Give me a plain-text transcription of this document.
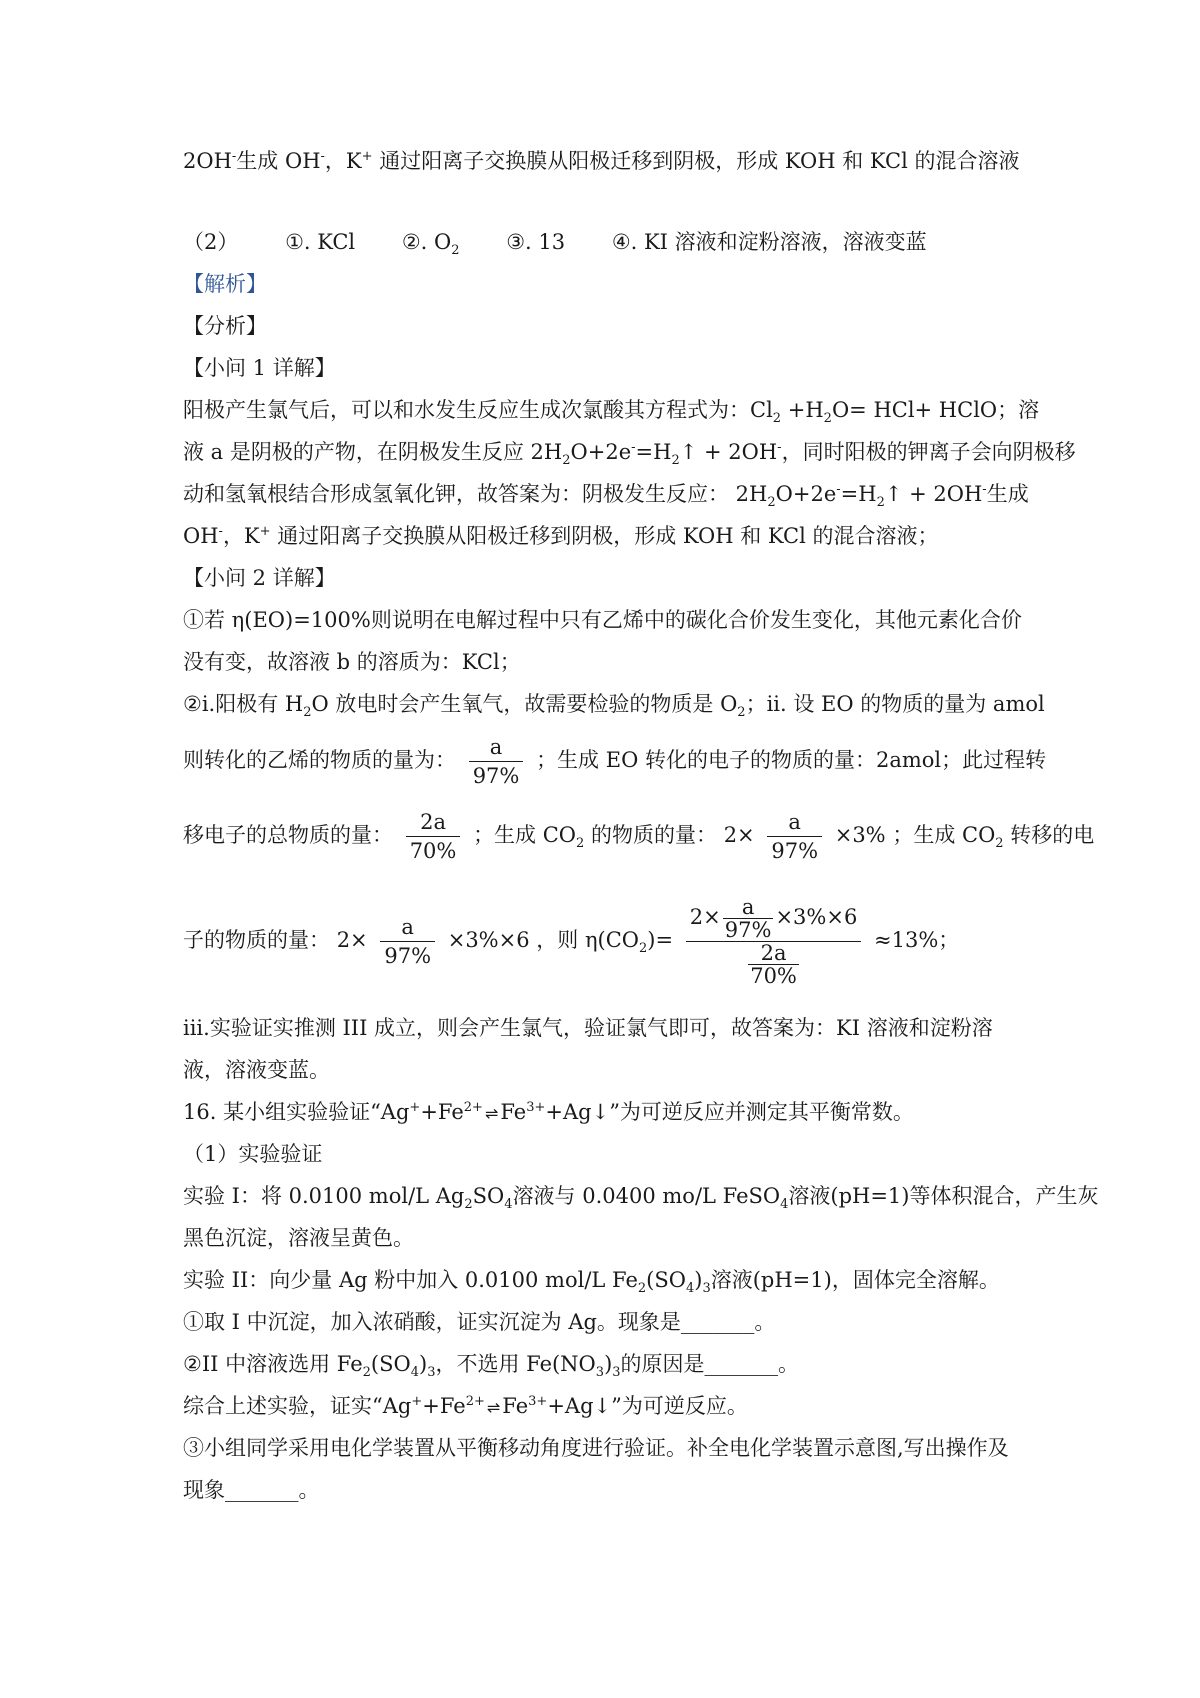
2OH-生成 OH-，K+ 通过阳离子交换膜从阳极迁移到阴极，形成 KOH 和 KCl 的混合溶液
（2） ①. KCl ②. $O_2$ ③. 13 ④. KI 溶液和淀粉溶液，溶液变蓝
【解析】
【分析】
【小问 1 详解】
阳极产生氯气后，可以和水发生反应生成次氯酸其方程式为：$Cl_2 +H_2O= HCl+$ HClO；溶
液 a 是阴极的产物，在阴极发生反应 $2H_2O+2e^-=H_2↑ + 2OH^-$，同时阳极的钾离子会向阴极移
动和氢氧根结合形成氢氧化钾，故答案为：阴极发生反应： $2H_2O+2e^-=H_2↑ + 2OH^-$生成
OH-，K+ 通过阳离子交换膜从阳极迁移到阴极，形成 KOH 和 KCl 的混合溶液；
【小问 2 详解】
①若 η(EO)=100%则说明在电解过程中只有乙烯中的碳化合价发生变化，其他元素化合价
没有变，故溶液 b 的溶质为：KCl；
②i.阳极有 $H_2O$ 放电时会产生氧气，故需要检验的物质是 $O_2$；ii. 设 EO 的物质的量为 amol
则转化的乙烯的物质的量为： $\frac{a}{97\%}$ ；生成 EO 转化的电子的物质的量：2amol；此过程转
移电子的总物质的量： $\frac{2a}{70\%}$ ；生成 $CO_2$ 的物质的量： $2\times \frac{a}{97\%} \times 3\%$ ；生成 $CO_2$ 转移的电
子的物质的量： $2\times \frac{a}{97\%} \times 3\%\times 6$ ，则 $\eta(CO_2)= \frac{2\times \frac{a}{97\%} \times 3\%\times 6}{\frac{2a}{70\%}} \approx 13\%$；
iii.实验证实推测 III 成立，则会产生氯气，验证氯气即可，故答案为：KI 溶液和淀粉溶
液，溶液变蓝。
16. 某小组实验验证“$Ag^++Fe^{2+}$ $\rightleftharpoons Fe^{3+}+Ag↓$”为可逆反应并测定其平衡常数。
（1）实验验证
实验 I：将 0.0100 mol/L $Ag_2SO_4$溶液与 0.0400 mo/L FeSO$_4$溶液(pH=1)等体积混合，产生灰
黑色沉淀，溶液呈黄色。
实验 II：向少量 Ag 粉中加入 0.0100 mol/L $Fe_2(SO_4)_3$溶液(pH=1)，固体完全溶解。
①取 I 中沉淀，加入浓硝酸，证实沉淀为 Ag。现象是_______。
②II 中溶液选用 $Fe_2(SO_4)_3$，不选用 $Fe(NO_3)_3$的原因是_______。
综合上述实验，证实“$Ag^++Fe^{2+}$ $\rightleftharpoons Fe^{3+}+Ag↓$”为可逆反应。
③小组同学采用电化学装置从平衡移动角度进行验证。补全电化学装置示意图,写出操作及
现象_______。
